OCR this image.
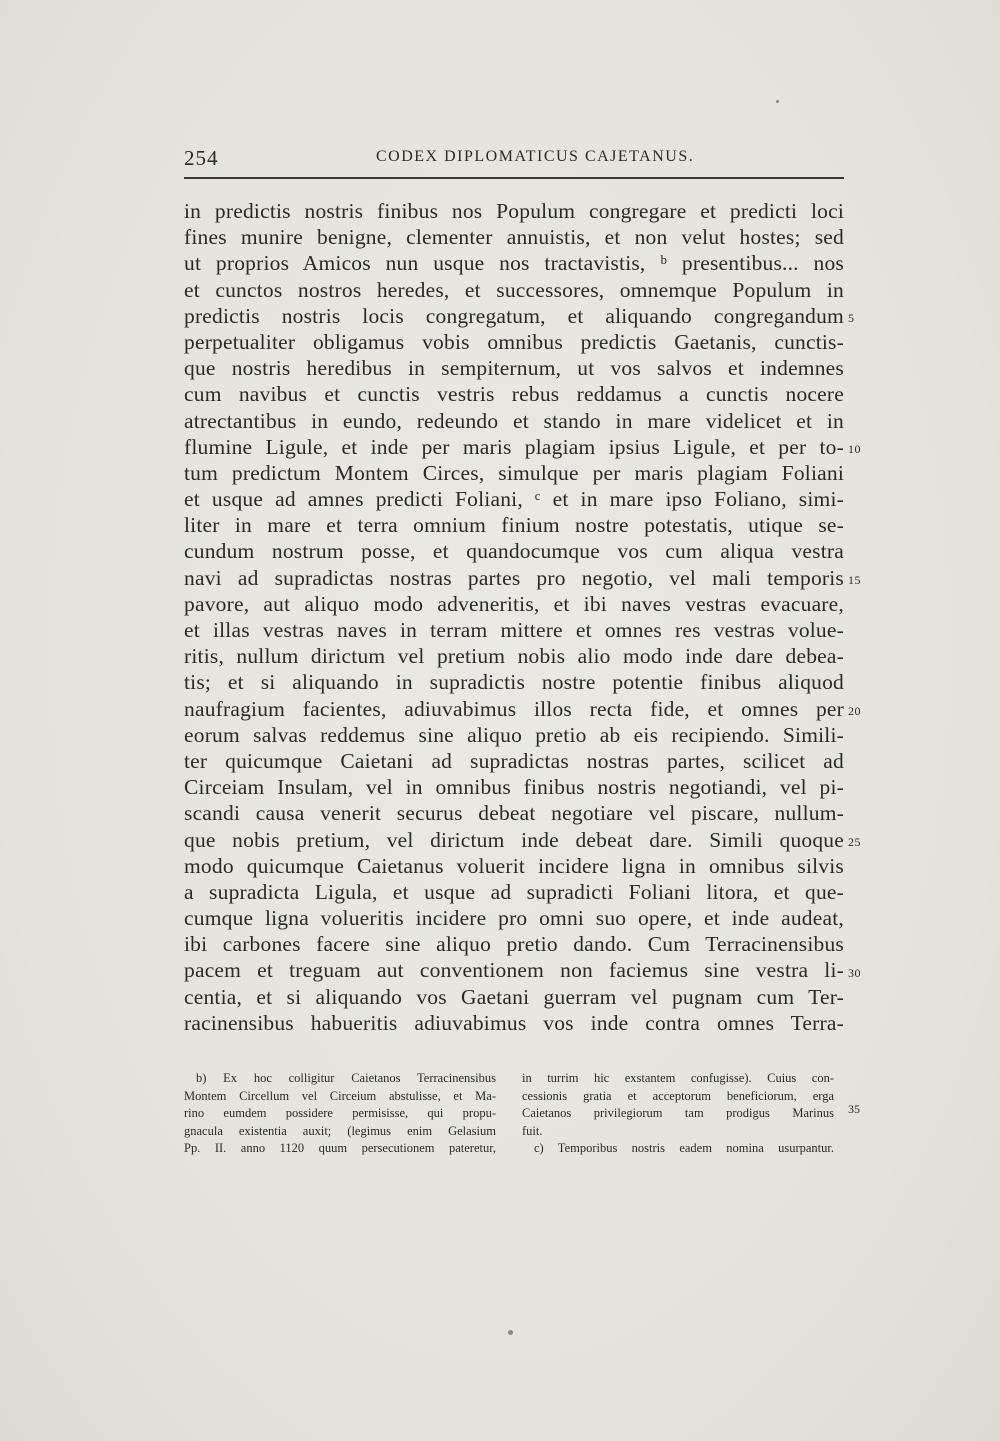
254	CODEX DIPLOMATICUS CAJETANUS.
in predictis nostris finibus nos Populum congregare et predicti loci
fines munire benigne, clementer annuistis, et non velut hostes; sed
ut proprios Amicos nun usque nos tractavistis, ᵇ presentibus... nos
et cunctos nostros heredes, et successores, omnemque Populum in
predictis nostris locis congregatum, et aliquando congregandum
perpetualiter obligamus vobis omnibus predictis Gaetanis, cunctis-
que nostris heredibus in sempiternum, ut vos salvos et indemnes
cum navibus et cunctis vestris rebus reddamus a cunctis nocere
atrectantibus in eundo, redeundo et stando in mare videlicet et in
flumine Ligule, et inde per maris plagiam ipsius Ligule, et per to-
tum predictum Montem Circes, simulque per maris plagiam Foliani
et usque ad amnes predicti Foliani, ᶜ et in mare ipso Foliano, simi-
liter in mare et terra omnium finium nostre potestatis, utique se-
cundum nostrum posse, et quandocumque vos cum aliqua vestra
navi ad supradictas nostras partes pro negotio, vel mali temporis
pavore, aut aliquo modo adveneritis, et ibi naves vestras evacuare,
et illas vestras naves in terram mittere et omnes res vestras volue-
ritis, nullum dirictum vel pretium nobis alio modo inde dare debea-
tis; et si aliquando in supradictis nostre potentie finibus aliquod
naufragium facientes, adiuvabimus illos recta fide, et omnes per
eorum salvas reddemus sine aliquo pretio ab eis recipiendo. Simili-
ter quicumque Caietani ad supradictas nostras partes, scilicet ad
Circeiam Insulam, vel in omnibus finibus nostris negotiandi, vel pi-
scandi causa venerit securus debeat negotiare vel piscare, nullum-
que nobis pretium, vel dirictum inde debeat dare. Simili quoque
modo quicumque Caietanus voluerit incidere ligna in omnibus silvis
a supradicta Ligula, et usque ad supradicti Foliani litora, et que-
cumque ligna volueritis incidere pro omni suo opere, et inde audeat,
ibi carbones facere sine aliquo pretio dando. Cum Terracinensibus
pacem et treguam aut conventionem non faciemus sine vestra li-
centia, et si aliquando vos Gaetani guerram vel pugnam cum Ter-
racinensibus habueritis adiuvabimus vos inde contra omnes Terra-
5
10
15
20
25
30
b) Ex hoc colligitur Caietanos Terracinensibus
Montem Circellum vel Circeium abstulisse, et Ma-
rino eumdem possidere permisisse, qui propu-
gnacula existentia auxit; (legimus enim Gelasium
Pp. II. anno 1120 quum persecutionem pateretur,
in turrim hic exstantem confugisse). Cuius con-
cessionis gratia et acceptorum beneficiorum, erga
Caietanos privilegiorum tam prodigus Marinus
fuit.
c) Temporibus nostris eadem nomina usurpantur.
35
